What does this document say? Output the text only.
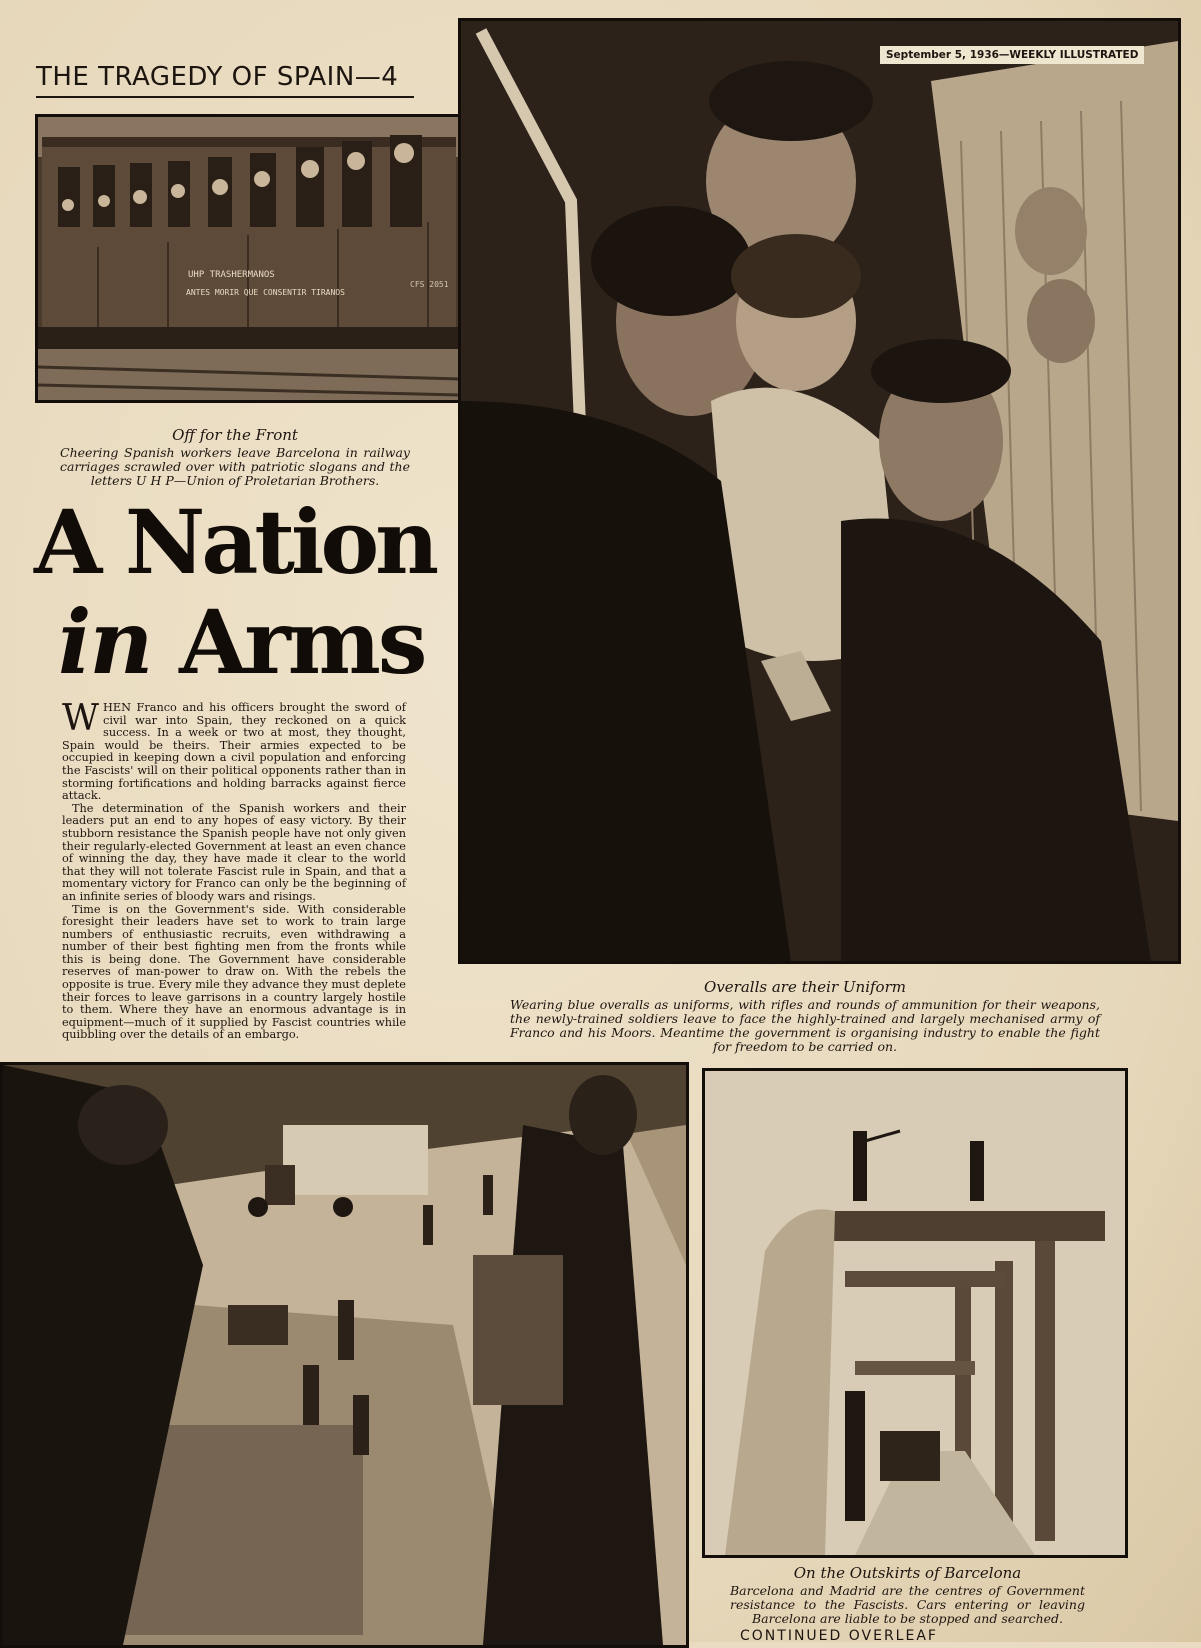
THE TRAGEDY OF SPAIN—4
UHP TRASHERMANOS
ANTES MORIR QUE CONSENTIR TIRANOS
CFS 2051
Off for the Front
Cheering Spanish workers leave Barcelona in railway carriages scrawled over with patriotic slogans and the letters U H P—Union of Proletarian Brothers.
A Nation
in Arms

WHEN Franco and his officers brought the sword of civil war into Spain, they reckoned on a quick success. In a week or two at most, they thought, Spain would be theirs. Their armies expected to be occupied in keeping down a civil population and enforcing the Fascists' will on their political opponents rather than in storming fortifications and holding barracks against fierce attack.

The determination of the Spanish workers and their leaders put an end to any hopes of easy victory. By their stubborn resistance the Spanish people have not only given their regularly-elected Government at least an even chance of winning the day, they have made it clear to the world that they will not tolerate Fascist rule in Spain, and that a momentary victory for Franco can only be the beginning of an infinite series of bloody wars and risings.

Time is on the Government's side. With considerable foresight their leaders have set to work to train large numbers of enthusiastic recruits, even withdrawing a number of their best fighting men from the fronts while this is being done. The Government have considerable reserves of man-power to draw on. With the rebels the opposite is true. Every mile they advance they must deplete their forces to leave garrisons in a country largely hostile to them. Where they have an enormous advantage is in equipment—much of it supplied by Fascist countries while quibbling over the details of an embargo.

September 5, 1936—WEEKLY ILLUSTRATED
Overalls are their Uniform
Wearing blue overalls as uniforms, with rifles and rounds of ammunition for their weapons, the newly-trained soldiers leave to face the highly-trained and largely mechanised army of Franco and his Moors. Meantime the government is organising industry to enable the fight for freedom to be carried on.
On the Outskirts of Barcelona
Barcelona and Madrid are the centres of Government resistance to the Fascists. Cars entering or leaving Barcelona are liable to be stopped and searched.
CONTINUED OVERLEAF
